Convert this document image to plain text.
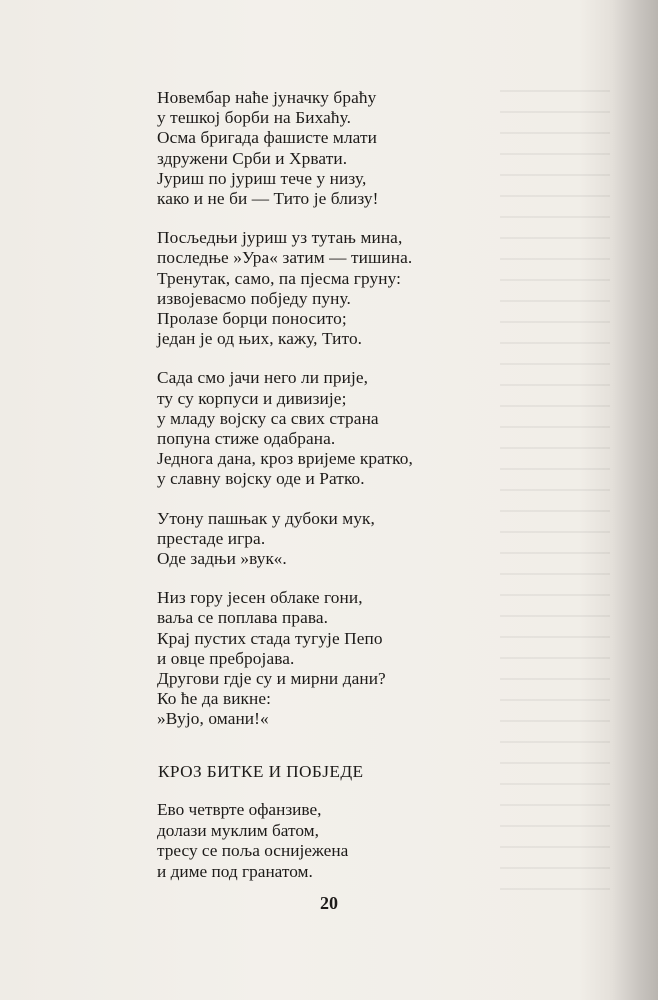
Новембар наће јуначку браћу
у тешкој борби на Бихаћу.
Осма бригада фашисте млати
здружени Срби и Хрвати.
Јуриш по јуриш тече у низу,
како и не би — Тито је близу!
Посљедњи јуриш уз тутањ мина,
последње »Ура« затим — тишина.
Тренутак, само, па пјесма груну:
извојевасмо побједу пуну.
Пролазе борци поносито;
један је од њих, кажу, Тито.
Сада смо јачи него ли прије,
ту су корпуси и дивизије;
у младу војску са свих страна
попуна стиже одабрана.
Једнога дана, кроз вријеме кратко,
у славну војску оде и Ратко.
Утону пашњак у дубоки мук,
престаде игра.
Оде задњи »вук«.
Низ гору јесен облаке гони,
ваља се поплава права.
Крај пустих стада тугује Пепо
и овце пребројава.
Другови гдје су и мирни дани?
Ко ће да викне:
»Вујо, омани!«
КРОЗ БИТКЕ И ПОБЈЕДЕ
Ево четврте офанзиве,
долази муклим батом,
тресу се поља оснијежена
и диме под гранатом.
20
